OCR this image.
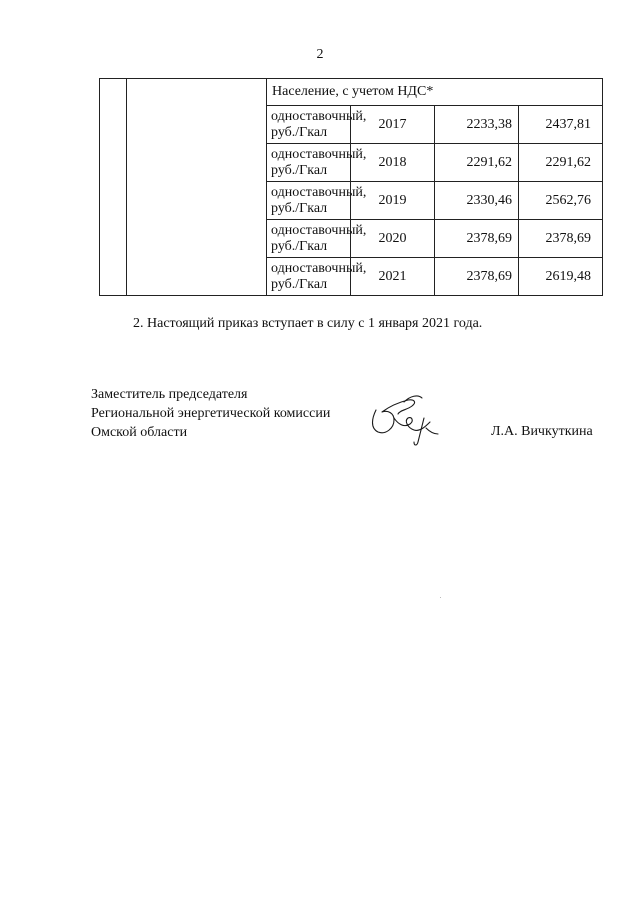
2
		Население, с учетом НДС*			
		одноставочный,
руб./Гкал	2017	2233,38	2437,81
		одноставочный,
руб./Гкал	2018	2291,62	2291,62
		одноставочный,
руб./Гкал	2019	2330,46	2562,76
		одноставочный,
руб./Гкал	2020	2378,69	2378,69
		одноставочный,
руб./Гкал	2021	2378,69	2619,48
2. Настоящий приказ вступает в силу с 1 января 2021 года.
Заместитель председателя
Региональной энергетической комиссии
Омской области	Л.А. Вичкуткина
